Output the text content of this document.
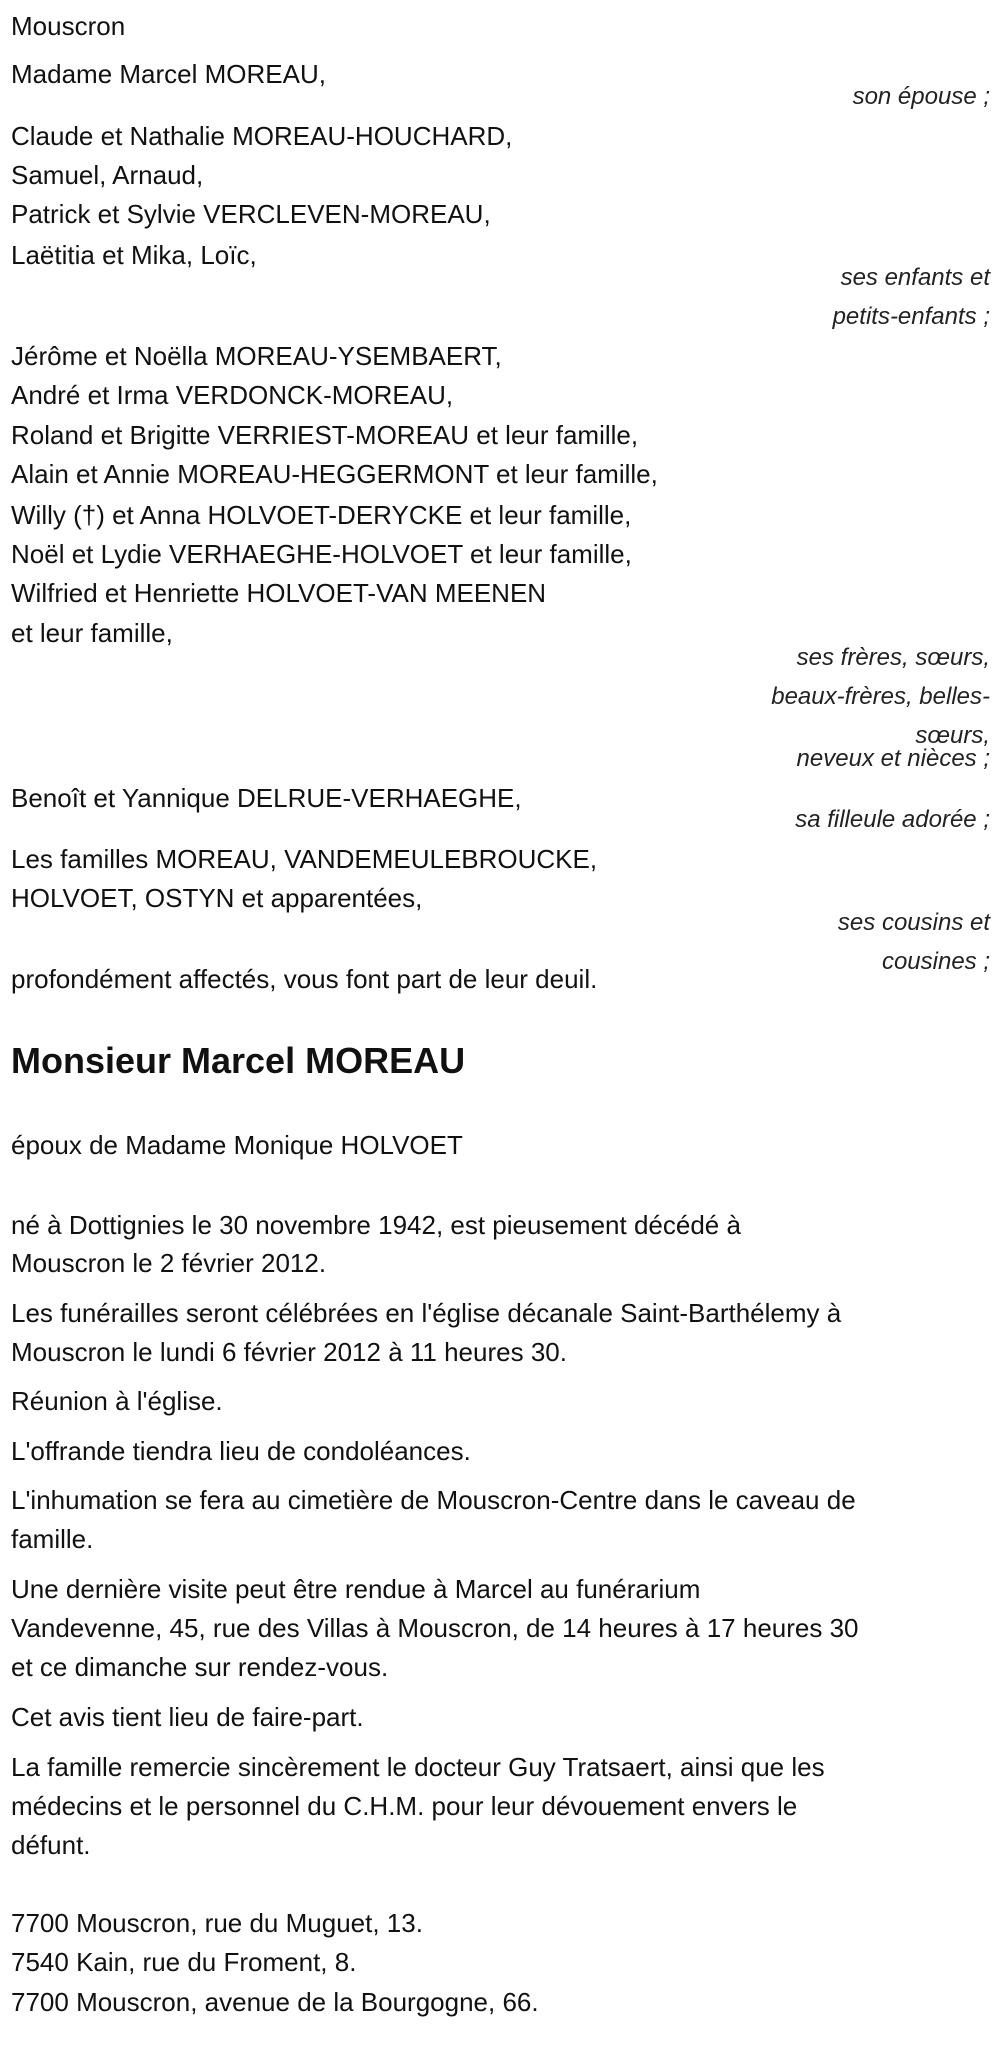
Mouscron
Madame Marcel MOREAU,
son épouse ;
Claude et Nathalie MOREAU-HOUCHARD,
Samuel, Arnaud,
Patrick et Sylvie VERCLEVEN-MOREAU,
Laëtitia et Mika, Loïc,
ses enfants et
petits-enfants ;
Jérôme et Noëlla MOREAU-YSEMBAERT,
André et Irma VERDONCK-MOREAU,
Roland et Brigitte VERRIEST-MOREAU et leur famille,
Alain et Annie MOREAU-HEGGERMONT et leur famille,
Willy (†) et Anna HOLVOET-DERYCKE et leur famille,
Noël et Lydie VERHAEGHE-HOLVOET et leur famille,
Wilfried et Henriette HOLVOET-VAN MEENEN
et leur famille,
ses frères, sœurs,
beaux-frères, belles-
sœurs,
neveux et nièces ;
Benoît et Yannique DELRUE-VERHAEGHE,
sa filleule adorée ;
Les familles MOREAU, VANDEMEULEBROUCKE,
HOLVOET, OSTYN et apparentées,
ses cousins et
cousines ;
profondément affectés, vous font part de leur deuil.
Monsieur Marcel MOREAU
époux de Madame Monique HOLVOET
né à Dottignies le 30 novembre 1942, est pieusement décédé à
Mouscron le 2 février 2012.
Les funérailles seront célébrées en l'église décanale Saint-Barthélemy à
Mouscron le lundi 6 février 2012 à 11 heures 30.
Réunion à l'église.
L'offrande tiendra lieu de condoléances.
L'inhumation se fera au cimetière de Mouscron-Centre dans le caveau de
famille.
Une dernière visite peut être rendue à Marcel au funérarium
Vandevenne, 45, rue des Villas à Mouscron, de 14 heures à 17 heures 30
et ce dimanche sur rendez-vous.
Cet avis tient lieu de faire-part.
La famille remercie sincèrement le docteur Guy Tratsaert, ainsi que les
médecins et le personnel du C.H.M. pour leur dévouement envers le
défunt.
7700 Mouscron, rue du Muguet, 13.
7540 Kain, rue du Froment, 8.
7700 Mouscron, avenue de la Bourgogne, 66.
